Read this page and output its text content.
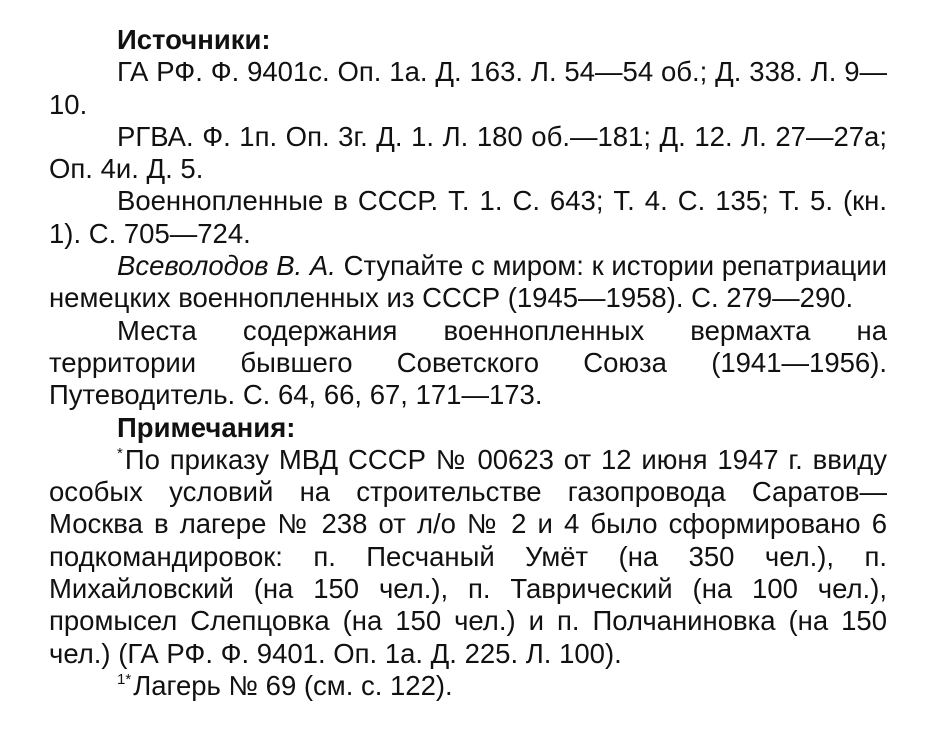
Источники:

ГА РФ. Ф. 9401с. Оп. 1а. Д. 163. Л. 54—54 об.; Д. 338. Л. 9—10.

РГВА. Ф. 1п. Оп. 3г. Д. 1. Л. 180 об.—181; Д. 12. Л. 27—27а; Оп. 4и. Д. 5.

Военнопленные в СССР. Т. 1. С. 643; Т. 4. С. 135; Т. 5. (кн. 1). С. 705—724.

Всеволодов В. А. Ступайте с миром: к истории репатриации немецких военнопленных из СССР (1945—1958). С. 279—290.

Места содержания военнопленных вермахта на территории бывшего Советского Союза (1941—1956). Путеводитель. С. 64, 66, 67, 171—173.

Примечания:

*По приказу МВД СССР № 00623 от 12 июня 1947 г. ввиду особых условий на строительстве газопровода Саратов—Москва в лагере № 238 от л/о № 2 и 4 было сформировано 6 подкомандировок: п. Песчаный Умёт (на 350 чел.), п. Михайловский (на 150 чел.), п. Таврический (на 100 чел.), промысел Слепцовка (на 150 чел.) и п. Полчаниновка (на 150 чел.) (ГА РФ. Ф. 9401. Оп. 1а. Д. 225. Л. 100).

$^{1*}$Лагерь № 69 (см. с. 122).
